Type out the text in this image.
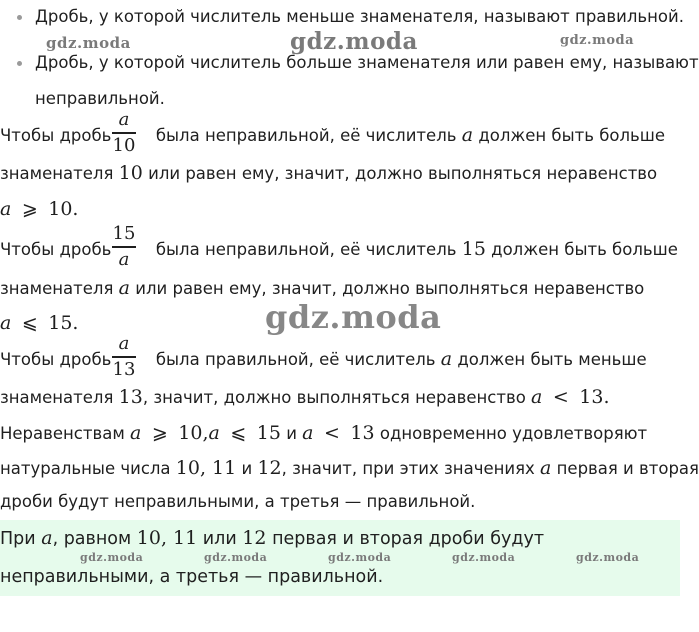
Дробь, у которой числитель меньше знаменателя, называют правильной.
Дробь, у которой числитель больше знаменателя или равен ему, называют
неправильной.
Чтобы дробь	была неправильной, её числитель a должен быть больше
a
10
знаменателя 10 или равен ему, значит, должно выполняться неравенство
a ⩾ 10.
Чтобы дробь	была неправильной, её числитель 15 должен быть больше
15
a
знаменателя a или равен ему, значит, должно выполняться неравенство
a ⩽ 15.
Чтобы дробь	была правильной, её числитель a должен быть меньше
a
13
знаменателя 13, значит, должно выполняться неравенство a < 13.
Неравенствам a ⩾ 10,a ⩽ 15 и a < 13 одновременно удовлетворяют
натуральные числа 10, 11 и 12, значит, при этих значениях a первая и вторая
дроби будут неправильными, а третья — правильной.
При a, равном 10, 11 или 12 первая и вторая дроби будут
неправильными, а третья — правильной.
gdz.moda	gdz.moda	gdz.moda
gdz.moda
gdz.moda	gdz.moda	gdz.moda	gdz.moda	gdz.moda
